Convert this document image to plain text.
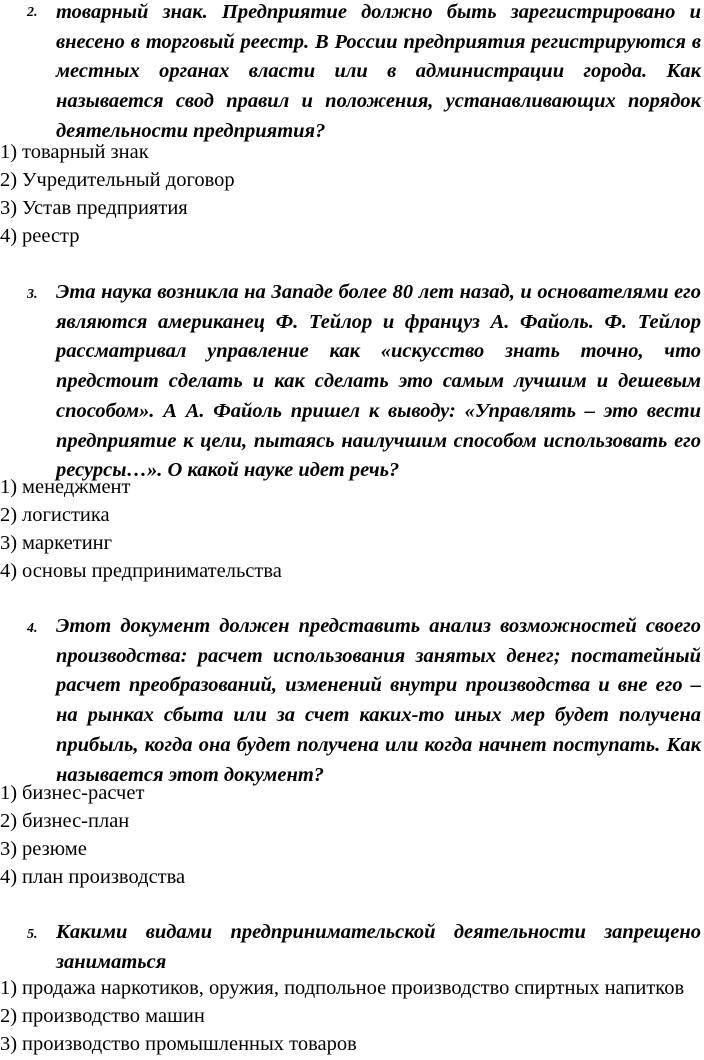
2. товарный знак. Предприятие должно быть зарегистрировано и внесено в торговый реестр. В России предприятия регистрируются в местных органах власти или в администрации города. Как называется свод правил и положения, устанавливающих порядок деятельности предприятия?
1) товарный знак
2) Учредительный договор
3) Устав предприятия
4) реестр
3. Эта наука возникла на Западе более 80 лет назад, и основателями его являются американец Ф. Тейлор и француз А. Файоль. Ф. Тейлор рассматривал управление как «искусство знать точно, что предстоит сделать и как сделать это самым лучшим и дешевым способом». А А. Файоль пришел к выводу: «Управлять – это вести предприятие к цели, пытаясь наилучшим способом использовать его ресурсы…». О какой науке идет речь?
1) менеджмент
2) логистика
3) маркетинг
4) основы предпринимательства
4. Этот документ должен представить анализ возможностей своего производства: расчет использования занятых денег; постатейный расчет преобразований, изменений внутри производства и вне его – на рынках сбыта или за счет каких-то иных мер будет получена прибыль, когда она будет получена или когда начнет поступать. Как называется этот документ?
1) бизнес-расчет
2) бизнес-план
3) резюме
4) план производства
5. Какими видами предпринимательской деятельности запрещено заниматься
1) продажа наркотиков, оружия, подпольное производство спиртных напитков
2) производство машин
3) производство промышленных товаров
